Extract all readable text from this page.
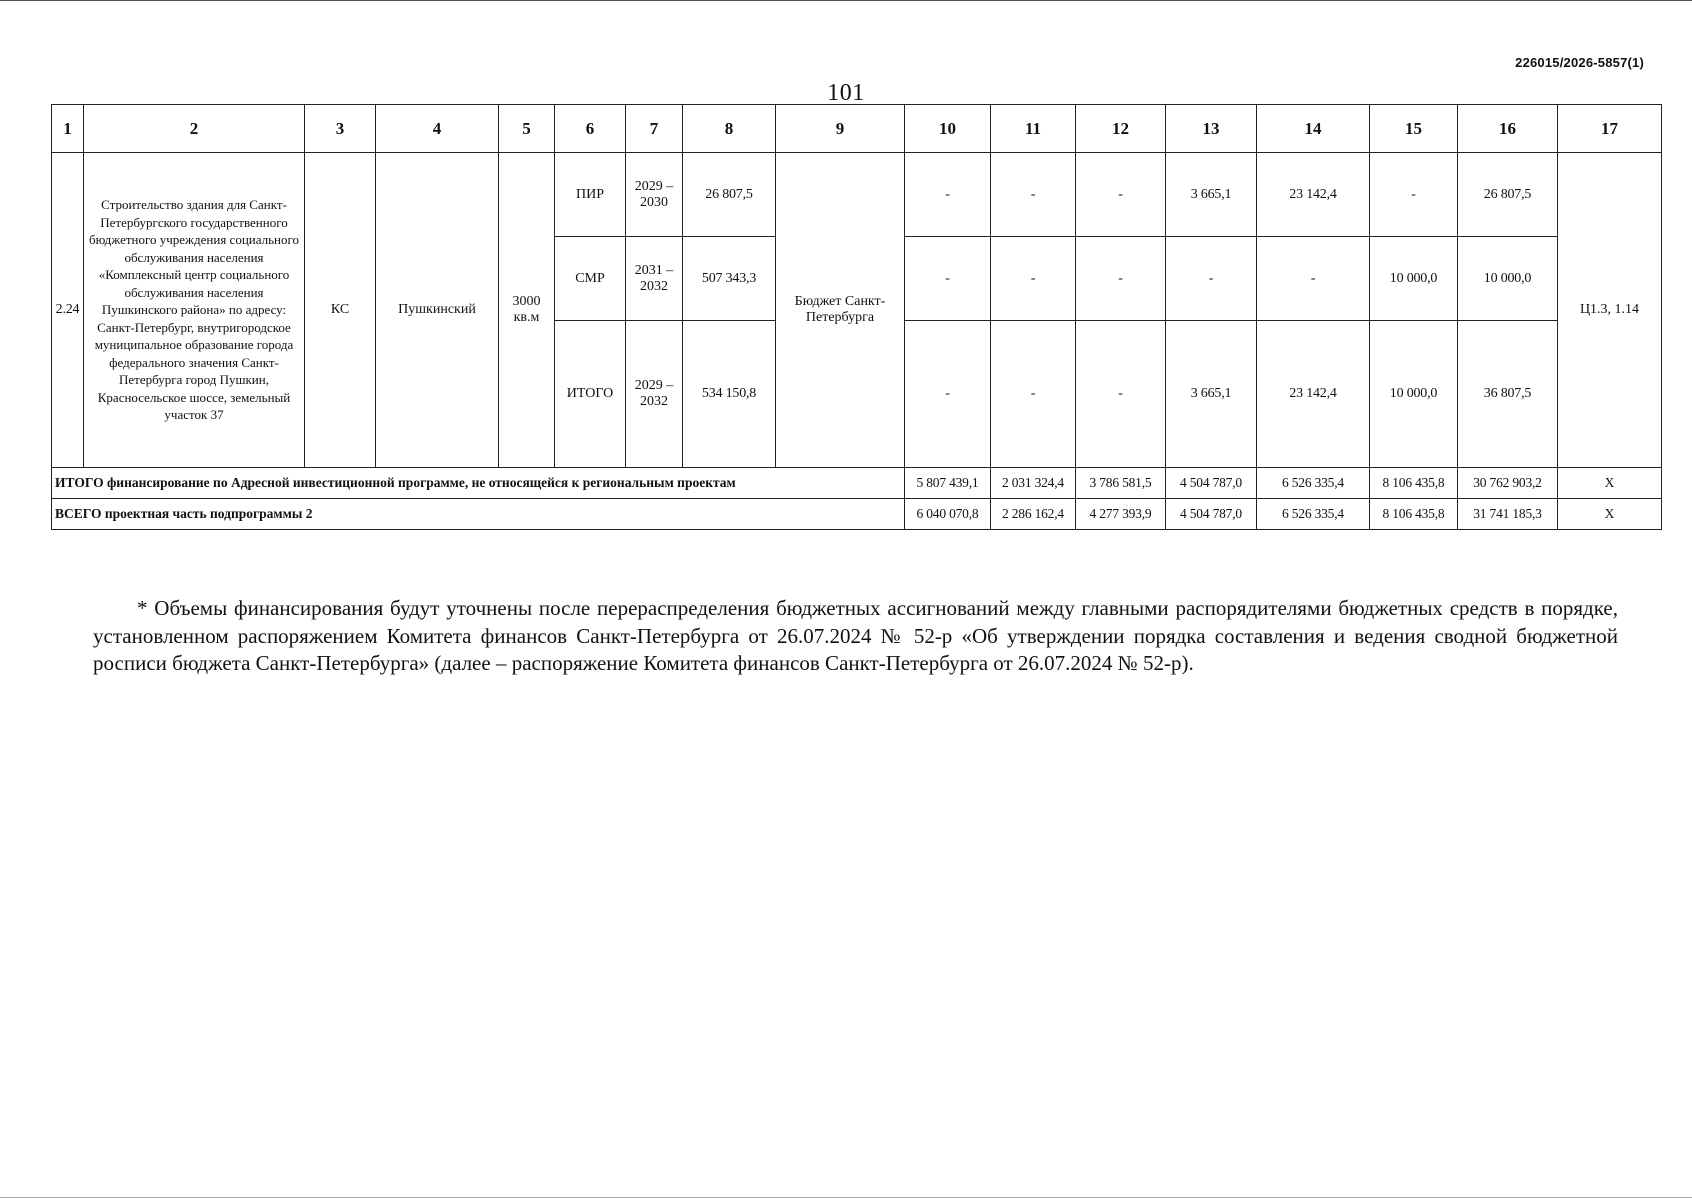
226015/2026-5857(1)
101
1	2	3	4	5	6	7	8	9	10	11	12	13	14	15	16	17
2.24	Строительство здания для Санкт-Петербургского государственного бюджетного учреждения социального обслуживания населения «Комплексный центр социального обслуживания населения Пушкинского района» по адресу: Санкт-Петербург, внутригородское муниципальное образование города федерального значения Санкт-Петербурга город Пушкин, Красносельское шоссе, земельный участок 37	КС	Пушкинский	3000 кв.м	ПИР	2029 – 2030	26 807,5	Бюджет Санкт-Петербурга	-	-	-	3 665,1	23 142,4	-	26 807,5	Ц1.3, 1.14
					СМР	2031 – 2032	507 343,3		-	-	-	-	-	10 000,0	10 000,0	
					ИТОГО	2029 – 2032	534 150,8		-	-	-	3 665,1	23 142,4	10 000,0	36 807,5	
ИТОГО финансирование по Адресной инвестиционной программе, не относящейся к региональным проектам									5 807 439,1	2 031 324,4	3 786 581,5	4 504 787,0	6 526 335,4	8 106 435,8	30 762 903,2	X
ВСЕГО проектная часть подпрограммы 2									6 040 070,8	2 286 162,4	4 277 393,9	4 504 787,0	6 526 335,4	8 106 435,8	31 741 185,3	X

* Объемы финансирования будут уточнены после перераспределения бюджетных ассигнований между главными распорядителями бюджетных средств в порядке, установленном распоряжением Комитета финансов Санкт-Петербурга от 26.07.2024 № 52-р «Об утверждении порядка составления и ведения сводной бюджетной росписи бюджета Санкт-Петербурга» (далее – распоряжение Комитета финансов Санкт-Петербурга от 26.07.2024 № 52-р).
